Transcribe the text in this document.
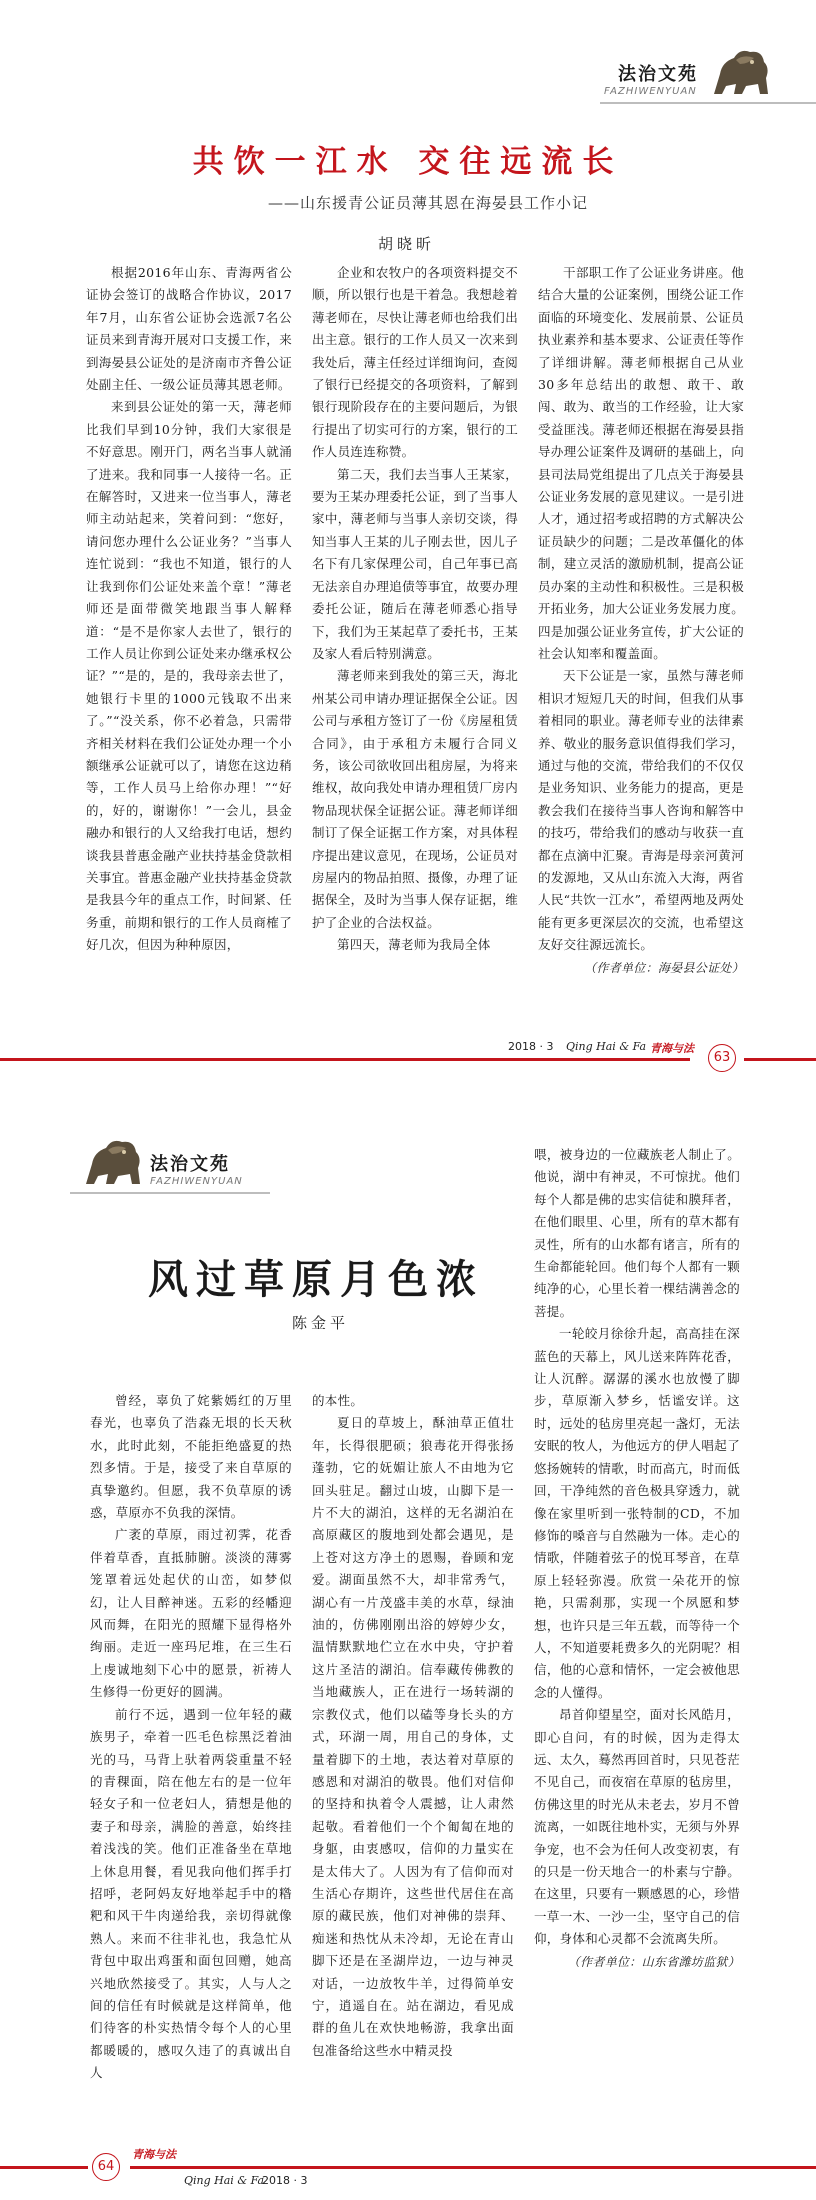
法治文苑
FAZHIWENYUAN
共饮一江水 交往远流长
——山东援青公证员薄其恩在海晏县工作小记
胡晓昕

根据2016年山东、青海两省公证协会签订的战略合作协议，2017年7月，山东省公证协会选派7名公证员来到青海开展对口支援工作，来到海晏县公证处的是济南市齐鲁公证处副主任、一级公证员薄其恩老师。

来到县公证处的第一天，薄老师比我们早到10分钟，我们大家很是不好意思。刚开门，两名当事人就涌了进来。我和同事一人接待一名。正在解答时，又进来一位当事人，薄老师主动站起来，笑着问到：“您好，请问您办理什么公证业务？”当事人连忙说到：“我也不知道，银行的人让我到你们公证处来盖个章！”薄老师还是面带微笑地跟当事人解释道：“是不是你家人去世了，银行的工作人员让你到公证处来办继承权公证？”“是的，是的，我母亲去世了，她银行卡里的1000元钱取不出来了。”“没关系，你不必着急，只需带齐相关材料在我们公证处办理一个小额继承公证就可以了，请您在这边稍等，工作人员马上给你办理！”“好的，好的，谢谢你！”一会儿，县金融办和银行的人又给我打电话，想约谈我县普惠金融产业扶持基金贷款相关事宜。普惠金融产业扶持基金贷款是我县今年的重点工作，时间紧、任务重，前期和银行的工作人员商榷了好几次，但因为种种原因，

企业和农牧户的各项资料提交不顺，所以银行也是干着急。我想趁着薄老师在，尽快让薄老师也给我们出出主意。银行的工作人员又一次来到我处后，薄主任经过详细询问，查阅了银行已经提交的各项资料，了解到银行现阶段存在的主要问题后，为银行提出了切实可行的方案，银行的工作人员连连称赞。

第二天，我们去当事人王某家，要为王某办理委托公证，到了当事人家中，薄老师与当事人亲切交谈，得知当事人王某的儿子刚去世，因儿子名下有几家保理公司，自己年事已高无法亲自办理追债等事宜，故要办理委托公证，随后在薄老师悉心指导下，我们为王某起草了委托书，王某及家人看后特别满意。

薄老师来到我处的第三天，海北州某公司申请办理证据保全公证。因公司与承租方签订了一份《房屋租赁合同》，由于承租方未履行合同义务，该公司欲收回出租房屋，为将来维权，故向我处申请办理租赁厂房内物品现状保全证据公证。薄老师详细制订了保全证据工作方案，对具体程序提出建议意见，在现场，公证员对房屋内的物品拍照、摄像，办理了证据保全，及时为当事人保存证据，维护了企业的合法权益。

第四天，薄老师为我局全体

干部职工作了公证业务讲座。他结合大量的公证案例，围绕公证工作面临的环境变化、发展前景、公证员执业素养和基本要求、公证责任等作了详细讲解。薄老师根据自己从业30多年总结出的敢想、敢干、敢闯、敢为、敢当的工作经验，让大家受益匪浅。薄老师还根据在海晏县指导办理公证案件及调研的基础上，向县司法局党组提出了几点关于海晏县公证业务发展的意见建议。一是引进人才，通过招考或招聘的方式解决公证员缺少的问题；二是改革僵化的体制，建立灵活的激励机制，提高公证员办案的主动性和积极性。三是积极开拓业务，加大公证业务发展力度。四是加强公证业务宣传，扩大公证的社会认知率和覆盖面。

天下公证是一家，虽然与薄老师相识才短短几天的时间，但我们从事着相同的职业。薄老师专业的法律素养、敬业的服务意识值得我们学习，通过与他的交流，带给我们的不仅仅是业务知识、业务能力的提高，更是教会我们在接待当事人咨询和解答中的技巧，带给我们的感动与收获一直都在点滴中汇聚。青海是母亲河黄河的发源地，又从山东流入大海，两省人民“共饮一江水”，希望两地及两处能有更多更深层次的交流，也希望这友好交往源远流长。

（作者单位：海晏县公证处）

2018 · 3 Qing Hai & Fa 青海与法
63
法治文苑
FAZHIWENYUAN
风过草原月色浓
陈金平

曾经，辜负了姹紫嫣红的万里春光，也辜负了浩淼无垠的长天秋水，此时此刻，不能拒绝盛夏的热烈多情。于是，接受了来自草原的真挚邀约。但愿，我不负草原的诱惑，草原亦不负我的深情。

广袤的草原，雨过初霁，花香伴着草香，直抵肺腑。淡淡的薄雾笼罩着远处起伏的山峦，如梦似幻，让人目醉神迷。五彩的经幡迎风而舞，在阳光的照耀下显得格外绚丽。走近一座玛尼堆，在三生石上虔诚地刻下心中的愿景，祈祷人生修得一份更好的圆满。

前行不远，遇到一位年轻的藏族男子，牵着一匹毛色棕黑泛着油光的马，马背上驮着两袋重量不轻的青稞面，陪在他左右的是一位年轻女子和一位老妇人，猜想是他的妻子和母亲，满脸的善意，始终挂着浅浅的笑。他们正准备坐在草地上休息用餐，看见我向他们挥手打招呼，老阿妈友好地举起手中的糌粑和风干牛肉递给我，亲切得就像熟人。来而不往非礼也，我急忙从背包中取出鸡蛋和面包回赠，她高兴地欣然接受了。其实，人与人之间的信任有时候就是这样简单，他们待客的朴实热情令每个人的心里都暖暖的，感叹久违了的真诚出自人

的本性。

夏日的草坡上，酥油草正值壮年，长得很肥硕；狼毒花开得张扬蓬勃，它的妩媚让旅人不由地为它回头驻足。翻过山坡，山脚下是一片不大的湖泊，这样的无名湖泊在高原藏区的腹地到处都会遇见，是上苍对这方净土的恩赐，眷顾和宠爱。湖面虽然不大，却非常秀气，湖心有一片茂盛丰美的水草，绿油油的，仿佛刚刚出浴的婷婷少女，温情默默地伫立在水中央，守护着这片圣洁的湖泊。信奉藏传佛教的当地藏族人，正在进行一场转湖的宗教仪式，他们以磕等身长头的方式，环湖一周，用自己的身体，丈量着脚下的土地，表达着对草原的感恩和对湖泊的敬畏。他们对信仰的坚持和执着令人震撼，让人肃然起敬。看着他们一个个匍匐在地的身躯，由衷感叹，信仰的力量实在是太伟大了。人因为有了信仰而对生活心存期许，这些世代居住在高原的藏民族，他们对神佛的崇拜、痴迷和热忱从未冷却，无论在青山脚下还是在圣湖岸边，一边与神灵对话，一边放牧牛羊，过得简单安宁，逍遥自在。站在湖边，看见成群的鱼儿在欢快地畅游，我拿出面包准备给这些水中精灵投

喂，被身边的一位藏族老人制止了。他说，湖中有神灵，不可惊扰。他们每个人都是佛的忠实信徒和膜拜者，在他们眼里、心里，所有的草木都有灵性，所有的山水都有诸言，所有的生命都能轮回。他们每个人都有一颗纯净的心，心里长着一棵结满善念的菩提。

一轮皎月徐徐升起，高高挂在深蓝色的天幕上，风儿送来阵阵花香，让人沉醉。潺潺的溪水也放慢了脚步，草原渐入梦乡，恬谧安详。这时，远处的毡房里亮起一盏灯，无法安眠的牧人，为他远方的伊人唱起了悠扬婉转的情歌，时而高亢，时而低回，干净纯然的音色极具穿透力，就像在家里听到一张特制的CD，不加修饰的嗓音与自然融为一体。走心的情歌，伴随着弦子的悦耳琴音，在草原上轻轻弥漫。欣赏一朵花开的惊艳，只需刹那，实现一个夙愿和梦想，也许只是三年五载，而等待一个人，不知道要耗费多久的光阴呢？相信，他的心意和情怀，一定会被他思念的人懂得。

昂首仰望星空，面对长风皓月，即心自问，有的时候，因为走得太远、太久，蓦然再回首时，只见苍茫不见自己，而夜宿在草原的毡房里，仿佛这里的时光从未老去，岁月不曾流离，一如既往地朴实，无须与外界争宠，也不会为任何人改变初衷，有的只是一份天地合一的朴素与宁静。在这里，只要有一颗感恩的心，珍惜一草一木、一沙一尘，坚守自己的信仰，身体和心灵都不会流离失所。

（作者单位：山东省潍坊监狱）

64
青海与法
Qing Hai & Fa
2018 · 3
